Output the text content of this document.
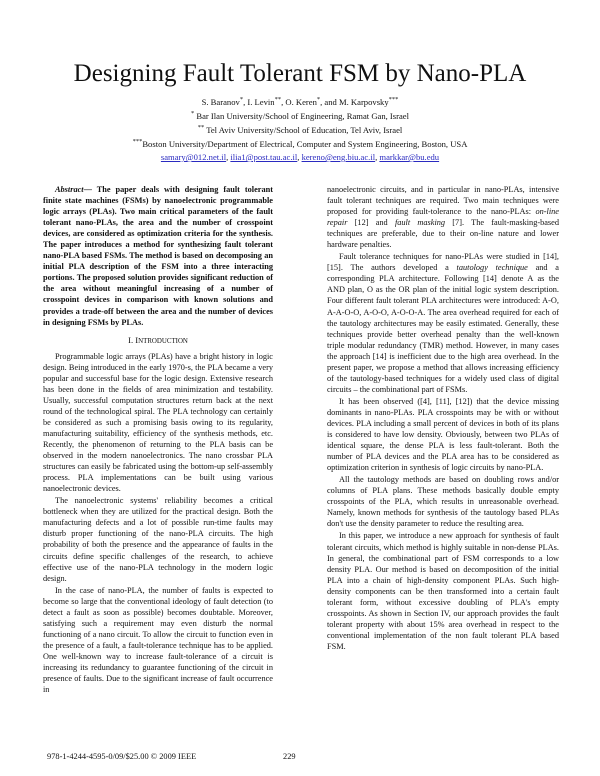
Designing Fault Tolerant FSM by Nano-PLA
S. Baranov*, I. Levin**, O. Keren*, and M. Karpovsky***
* Bar Ilan University/School of Engineering, Ramat Gan, Israel
** Tel Aviv University/School of Education, Tel Aviv, Israel
***Boston University/Department of Electrical, Computer and System Engineering, Boston, USA
samary@012.net.il, ilia1@post.tau.ac.il, kereno@eng.biu.ac.il, markkar@bu.edu

Abstract— The paper deals with designing fault tolerant finite state machines (FSMs) by nanoelectronic programmable logic arrays (PLAs). Two main critical parameters of the fault tolerant nano-PLAs, the area and the number of crosspoint devices, are considered as optimization criteria for the synthesis. The paper introduces a method for synthesizing fault tolerant nano-PLA based FSMs. The method is based on decomposing an initial PLA description of the FSM into a three interacting portions. The proposed solution provides significant reduction of the area without meaningful increasing of a number of crosspoint devices in comparison with known solutions and provides a trade-off between the area and the number of devices in designing FSMs by PLAs.

I. INTRODUCTION

Programmable logic arrays (PLAs) have a bright history in logic design. Being introduced in the early 1970-s, the PLA became a very popular and successful base for the logic design. Extensive research has been done in the fields of area minimization and testability. Usually, successful computation structures return back at the next round of the technological spiral. The PLA technology can certainly be considered as such a promising basis owing to its regularity, manufacturing suitability, efficiency of the synthesis methods, etc. Recently, the phenomenon of returning to the PLA basis can be observed in the modern nanoelectronics. The nano crossbar PLA structures can easily be fabricated using the bottom-up self-assembly process. PLA implementations can be built using various nanoelectronic devices.

The nanoelectronic systems' reliability becomes a critical bottleneck when they are utilized for the practical design. Both the manufacturing defects and a lot of possible run-time faults may disturb proper functioning of the nano-PLA circuits. The high probability of both the presence and the appearance of faults in the circuits define specific challenges of the research, to achieve effective use of the nano-PLA technology in the modern logic design.

In the case of nano-PLA, the number of faults is expected to become so large that the conventional ideology of fault detection (to detect a fault as soon as possible) becomes doubtable. Moreover, satisfying such a requirement may even disturb the normal functioning of a nano circuit. To allow the circuit to function even in the presence of a fault, a fault-tolerance technique has to be applied. One well-known way to increase fault-tolerance of a circuit is increasing its redundancy to guarantee functioning of the circuit in presence of faults. Due to the significant increase of fault occurrence in

nanoelectronic circuits, and in particular in nano-PLAs, intensive fault tolerant techniques are required. Two main techniques were proposed for providing fault-tolerance to the nano-PLAs: on-line repair [12] and fault masking [7]. The fault-masking-based techniques are preferable, due to their on-line nature and lower hardware penalties.

Fault tolerance techniques for nano-PLAs were studied in [14], [15]. The authors developed a tautology technique and a corresponding PLA architecture. Following [14] denote A as the AND plan, O as the OR plan of the initial logic system description. Four different fault tolerant PLA architectures were introduced: A-O, A-A-O-O, A-O-O, A-O-O-A. The area overhead required for each of the tautology architectures may be easily estimated. Generally, these techniques provide better overhead penalty than the well-known triple modular redundancy (TMR) method. However, in many cases the approach [14] is inefficient due to the high area overhead. In the present paper, we propose a method that allows increasing efficiency of the tautology-based techniques for a widely used class of digital circuits – the combinational part of FSMs.

It has been observed ([4], [11], [12]) that the device missing dominants in nano-PLAs. PLA crosspoints may be with or without devices. PLA including a small percent of devices in both of its plans is considered to have low density. Obviously, between two PLAs of identical square, the dense PLA is less fault-tolerant. Both the number of PLA devices and the PLA area has to be considered as optimization criterion in synthesis of logic circuits by nano-PLA.

All the tautology methods are based on doubling rows and/or columns of PLA plans. These methods basically double empty crosspoints of the PLA, which results in unreasonable overhead. Namely, known methods for synthesis of the tautology based PLAs don't use the density parameter to reduce the resulting area.

In this paper, we introduce a new approach for synthesis of fault tolerant circuits, which method is highly suitable in non-dense PLAs. In general, the combinational part of FSM corresponds to a low density PLA. Our method is based on decomposition of the initial PLA into a chain of high-density component PLAs. Such high-density components can be then transformed into a certain fault tolerant form, without excessive doubling of PLA's empty crosspoints. As shown in Section IV, our approach provides the fault tolerant property with about 15% area overhead in respect to the conventional implementation of the non fault tolerant PLA based FSM.

978-1-4244-4595-0/09/$25.00 © 2009 IEEE	229
